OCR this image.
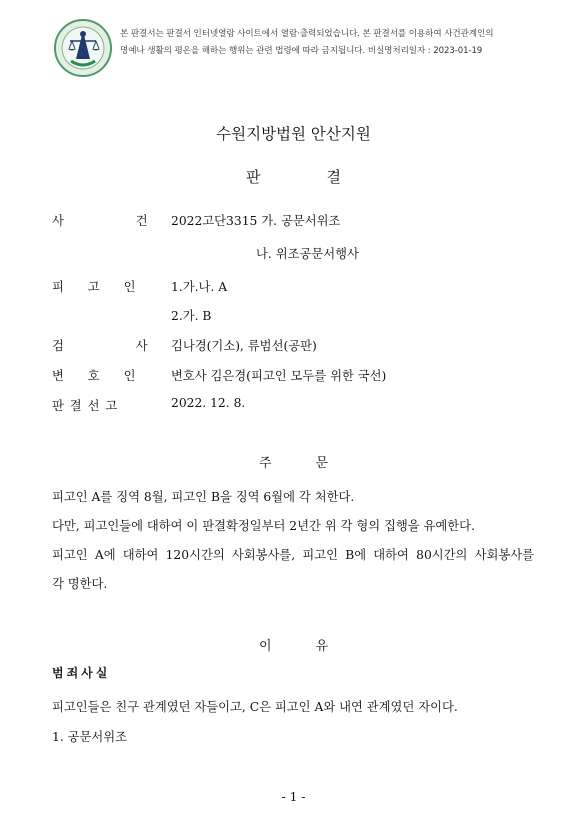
본 판결서는 판결서 인터넷열람 사이트에서 열람·출력되었습니다. 본 판결서를 이용하여 사건관계인의
명예나 생활의 평온을 해하는 행위는 관련 법령에 따라 금지됩니다. 비실명처리일자 : 2023-01-19
수원지방법원 안산지원
판결
사 건
2022고단3315 가. 공문서위조
나. 위조공문서행사
피 고 인 1.가.나. A
2.가. B
검 사
김나경(기소), 류범선(공판)
변 호 인 변호사 김은경(피고인 모두를 위한 국선)
판 결 선 고	2022. 12. 8.
주문
피고인 A를 징역 8월, 피고인 B을 징역 6월에 각 처한다.
다만, 피고인들에 대하여 이 판결확정일부터 2년간 위 각 형의 집행을 유예한다.
피고인 A에 대하여 120시간의 사회봉사를, 피고인 B에 대하여 80시간의 사회봉사를
각 명한다.
이유
범죄사실
피고인들은 친구 관계였던 자들이고, C은 피고인 A와 내연 관계였던 자이다.
1. 공문서위조
- 1 -
